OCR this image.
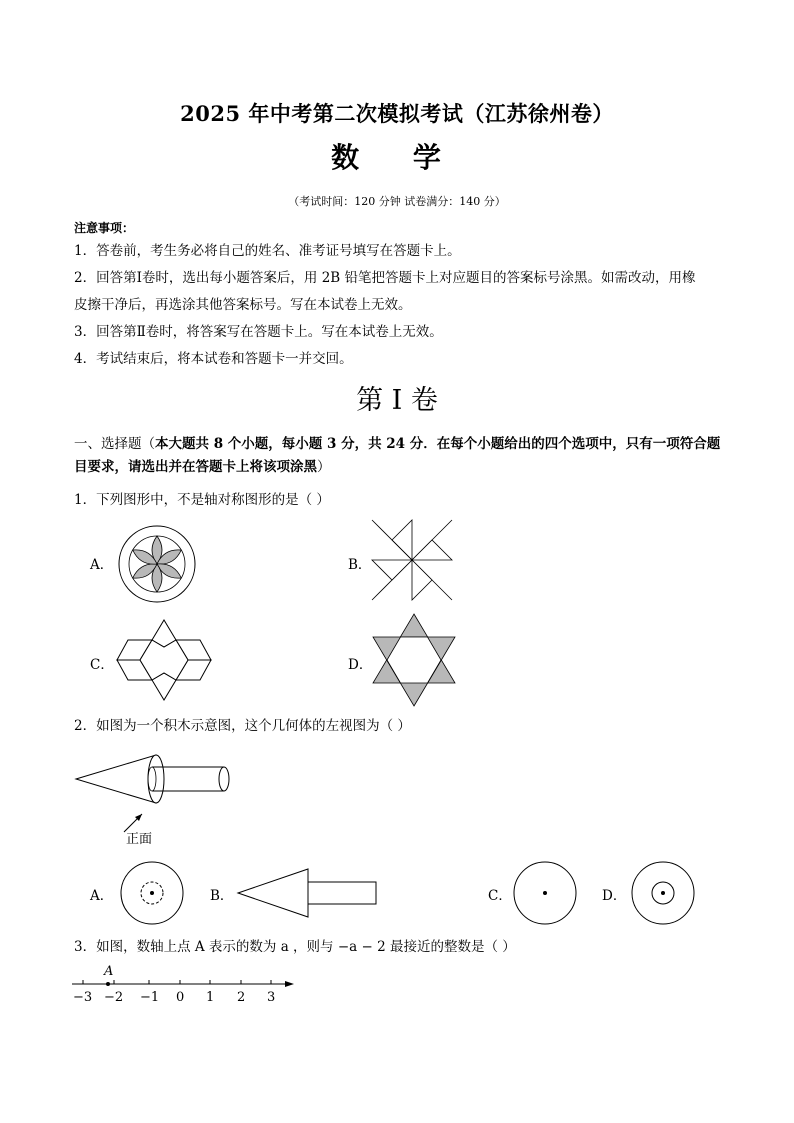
2025 年中考第二次模拟考试（江苏徐州卷）
数 学
（考试时间：120 分钟 试卷满分：140 分）
注意事项：
1．答卷前，考生务必将自己的姓名、准考证号填写在答题卡上。
2．回答第Ⅰ卷时，选出每小题答案后，用 2B 铅笔把答题卡上对应题目的答案标号涂黑。如需改动，用橡
皮擦干净后，再选涂其他答案标号。写在本试卷上无效。
3．回答第Ⅱ卷时，将答案写在答题卡上。写在本试卷上无效。
4．考试结束后，将本试卷和答题卡一并交回。
第 I 卷
一、选择题（本大题共 8 个小题，每小题 3 分，共 24 分．在每个小题给出的四个选项中，只有一项符合题目要求，请选出并在答题卡上将该项涂黑）
1．下列图形中，不是轴对称图形的是（ ）
A．	B．
C．	D．
2．如图为一个积木示意图，这个几何体的左视图为（ ）
正面
A．	B．	C．	D．
3．如图，数轴上点 A 表示的数为 a ，则与 −a − 2 最接近的整数是（ ）
A
−3 −2 −1 0 1 2 3
